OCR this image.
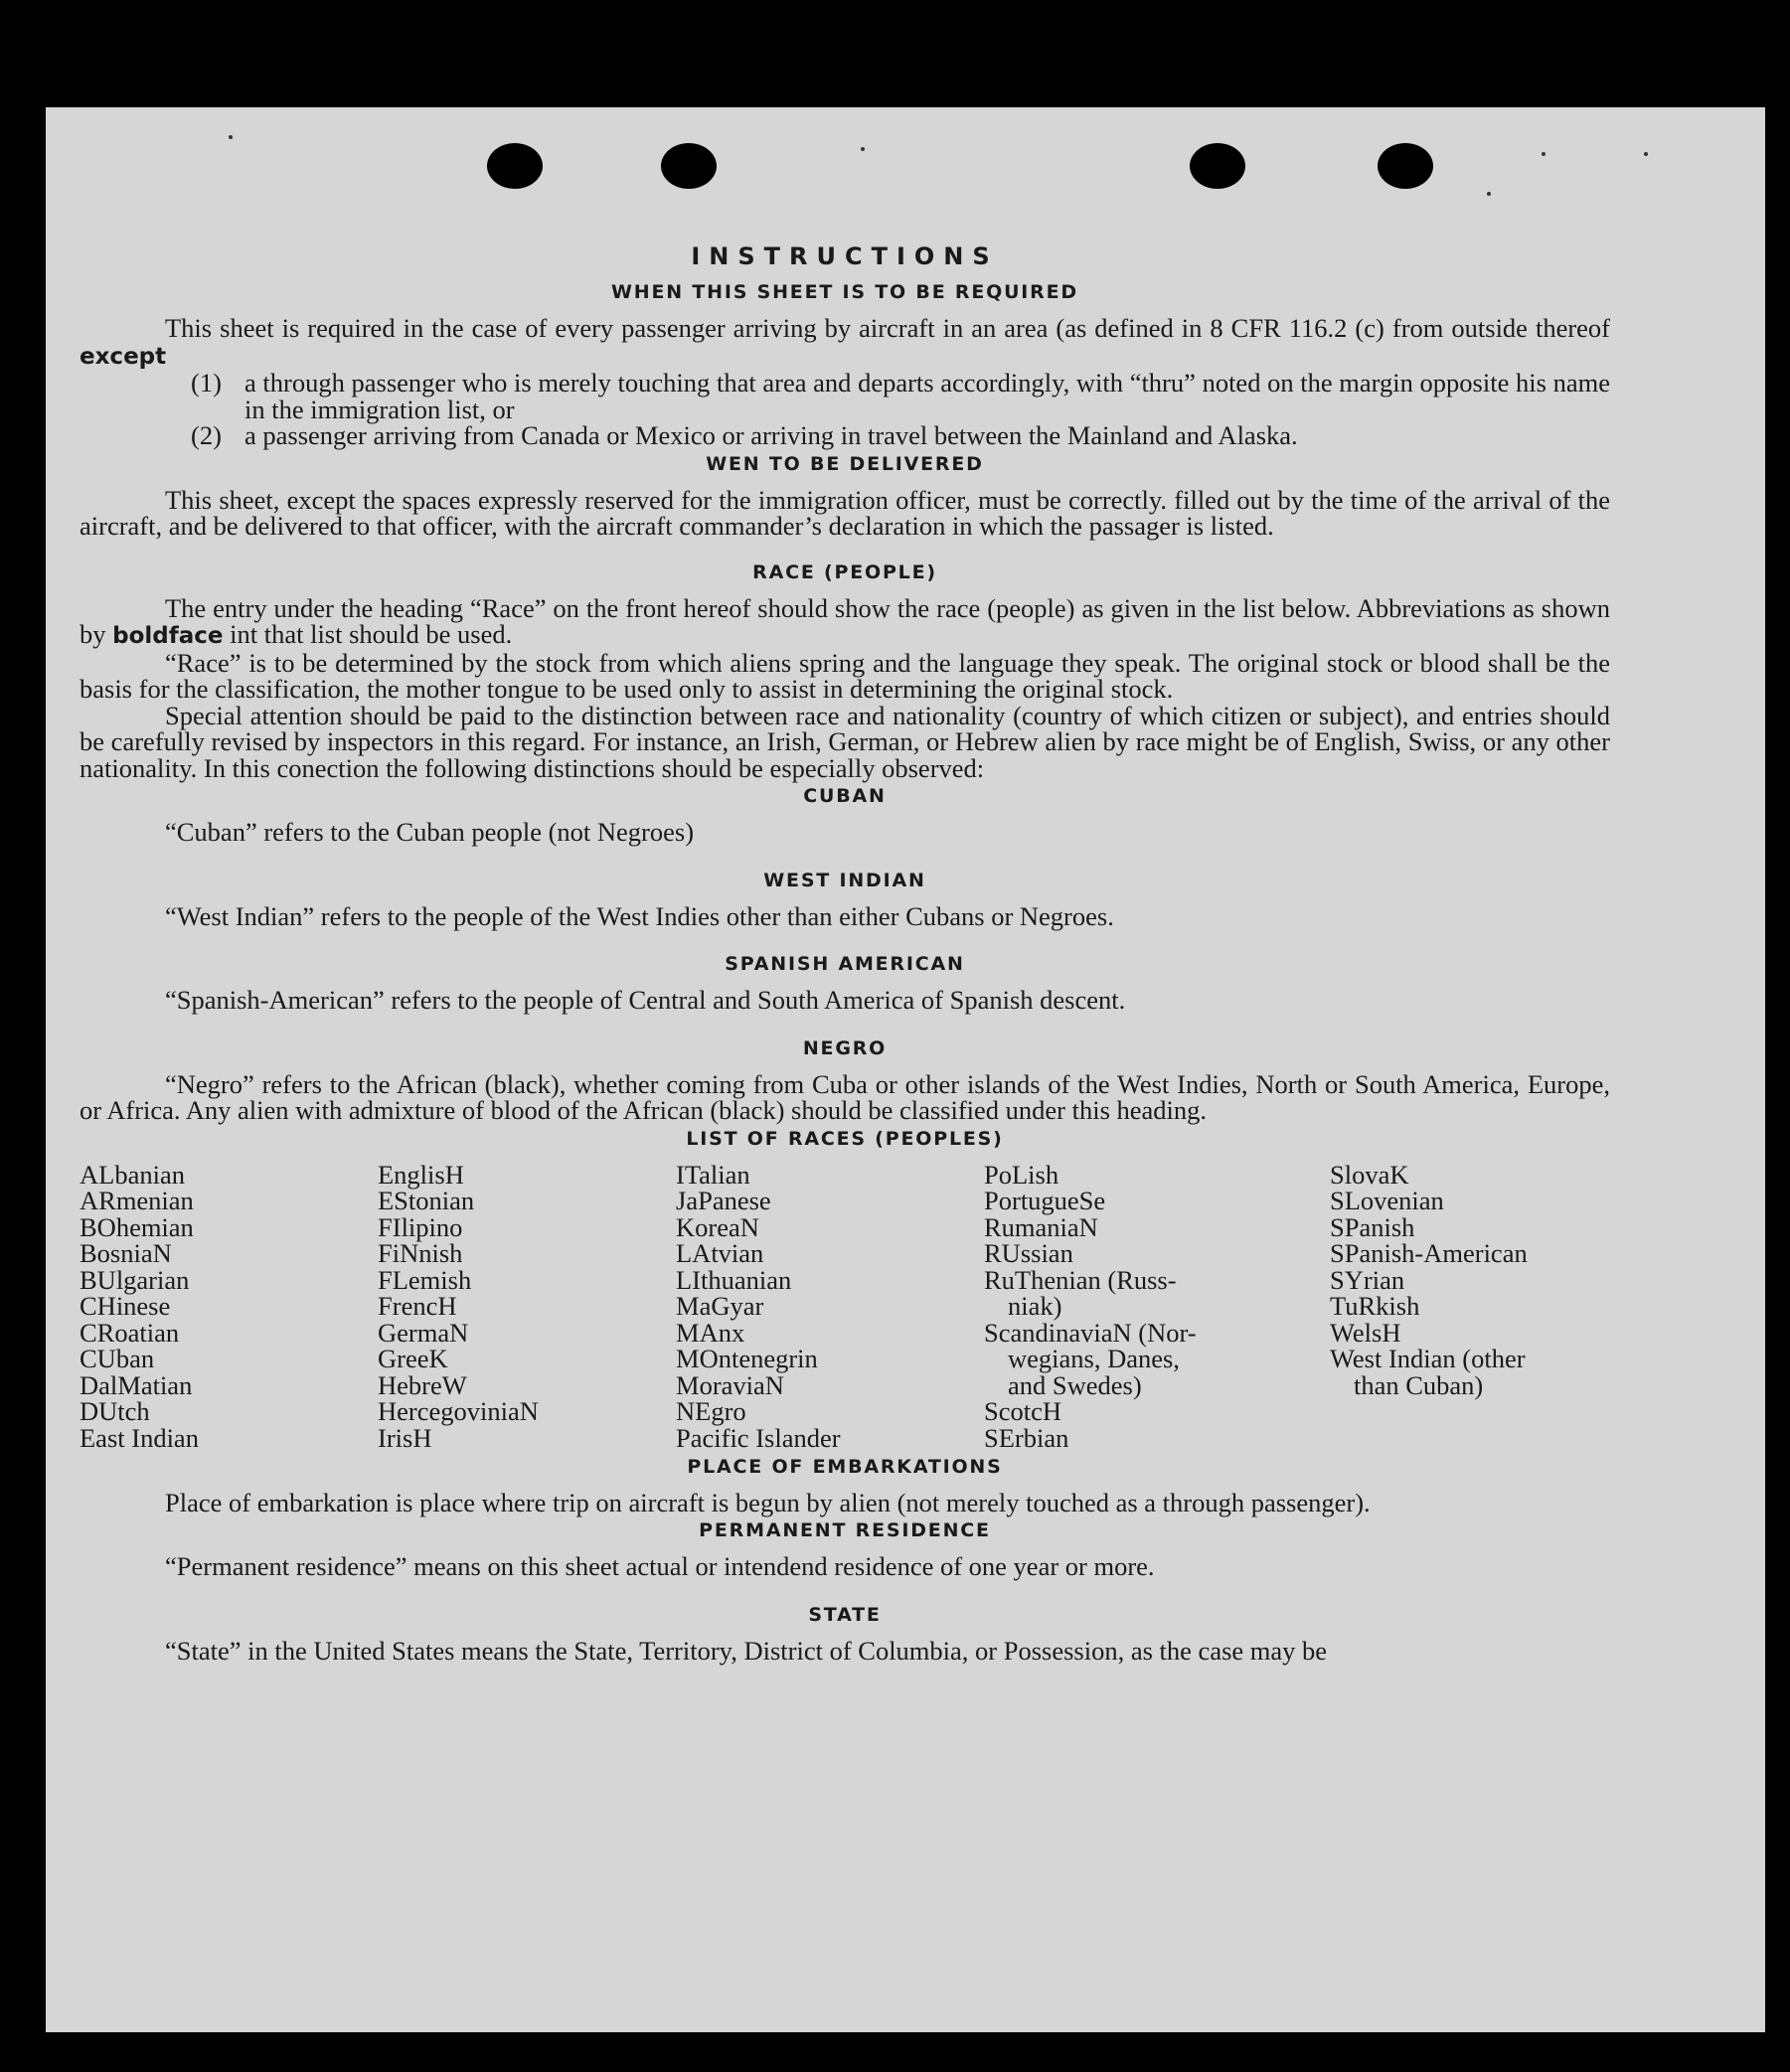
INSTRUCTIONS
WHEN THIS SHEET IS TO BE REQUIRED

This sheet is required in the case of every passenger arriving by aircraft in an area (as defined in 8 CFR 116.2 (c) from outside thereof except

(1) a through passenger who is merely touching that area and departs accordingly, with “thru” noted on the margin opposite his name in the immigration list, or
(2) a passenger arriving from Canada or Mexico or arriving in travel between the Mainland and Alaska.
WEN TO BE DELIVERED

This sheet, except the spaces expressly reserved for the immigration officer, must be correctly. filled out by the time of the arrival of the aircraft, and be delivered to that officer, with the aircraft commander’s declaration in which the passager is listed.

RACE (PEOPLE)

The entry under the heading “Race” on the front hereof should show the race (people) as given in the list below. Abbreviations as shown by boldface int that list should be used.

“Race” is to be determined by the stock from which aliens spring and the language they speak. The original stock or blood shall be the basis for the classification, the mother tongue to be used only to assist in determining the original stock.

Special attention should be paid to the distinction between race and nationality (country of which citizen or subject), and entries should be carefully revised by inspectors in this regard. For instance, an Irish, German, or Hebrew alien by race might be of English, Swiss, or any other nationality. In this conection the following distinctions should be especially observed:

CUBAN

“Cuban” refers to the Cuban people (not Negroes)

WEST INDIAN

“West Indian” refers to the people of the West Indies other than either Cubans or Negroes.

SPANISH AMERICAN

“Spanish-American” refers to the people of Central and South America of Spanish descent.

NEGRO

“Negro” refers to the African (black), whether coming from Cuba or other islands of the West Indies, North or South America, Europe, or Africa. Any alien with admixture of blood of the African (black) should be classified under this heading.

LIST OF RACES (PEOPLES)
ALbanian
ARmenian
BOhemian
BosniaN
BUlgarian
CHinese
CRoatian
CUban
DalMatian
DUtch
East Indian
EnglisH
EStonian
FIlipino
FiNnish
FLemish
FrencH
GermaN
GreeK
HebreW
HercegoviniaN
IrisH
ITalian
JaPanese
KoreaN
LAtvian
LIthuanian
MaGyar
MAnx
MOntenegrin
MoraviaN
NEgro
Pacific Islander
PoLish
PortugueSe
RumaniaN
RUssian
RuThenian (Russ-
niak)
ScandinaviaN (Nor-
wegians, Danes,
and Swedes)
ScotcH
SErbian
SlovaK
SLovenian
SPanish
SPanish-American
SYrian
TuRkish
WelsH
West Indian (other
than Cuban)
PLACE OF EMBARKATIONS

Place of embarkation is place where trip on aircraft is begun by alien (not merely touched as a through passenger).

PERMANENT RESIDENCE

“Permanent residence” means on this sheet actual or intendend residence of one year or more.

STATE

“State” in the United States means the State, Territory, District of Columbia, or Possession, as the case may be
